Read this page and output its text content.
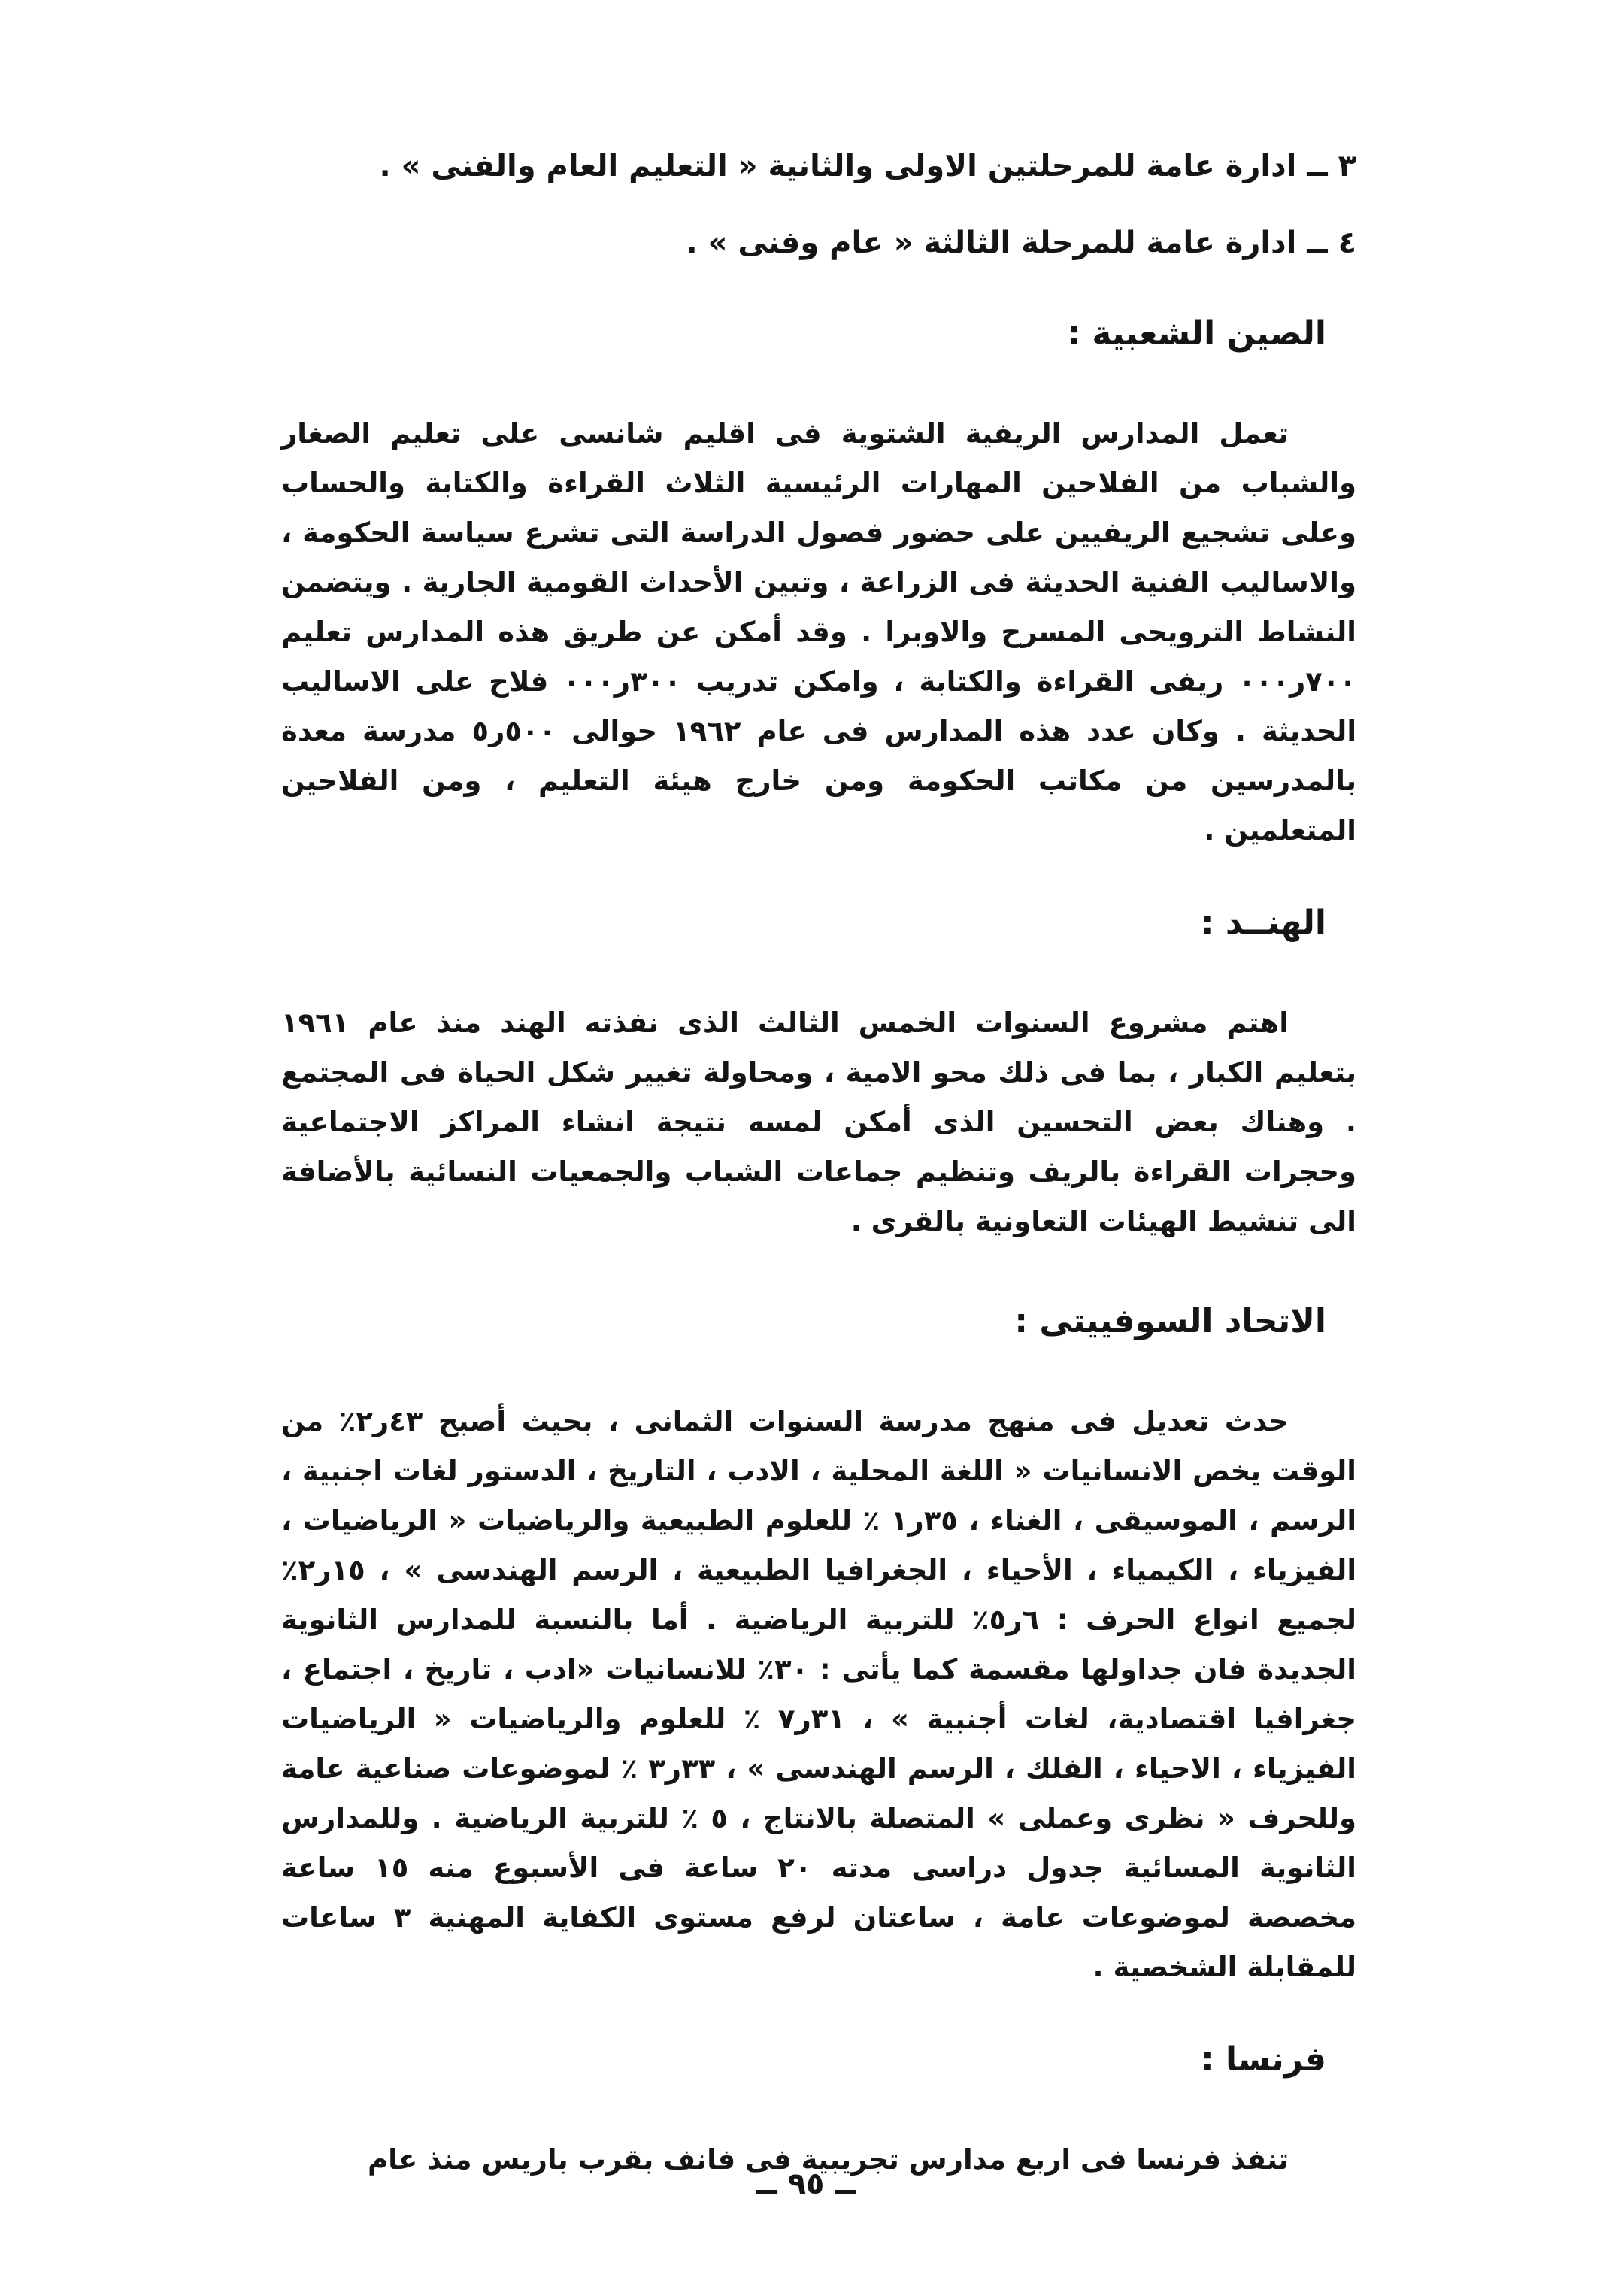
٣ ــ ادارة عامة للمرحلتين الاولى والثانية « التعليم العام والفنى » .

٤ ــ ادارة عامة للمرحلة الثالثة « عام وفنى » .

الصين الشعبية :

تعمل المدارس الريفية الشتوية فى اقليم شانسى على تعليم الصغار والشباب من الفلاحين المهارات الرئيسية الثلاث القراءة والكتابة والحساب وعلى تشجيع الريفيين على حضور فصول الدراسة التى تشرع سياسة الحكومة ، والاساليب الفنية الحديثة فى الزراعة ، وتبين الأحداث القومية الجارية . ويتضمن النشاط الترويحى المسرح والاوبرا . وقد أمكن عن طريق هذه المدارس تعليم ٧٠٠ر٠٠٠ ريفى القراءة والكتابة ، وامكن تدريب ٣٠٠ر٠٠٠ فلاح على الاساليب الحديثة . وكان عدد هذه المدارس فى عام ١٩٦٢ حوالى ٥٠٠ر٥ مدرسة معدة بالمدرسين من مكاتب الحكومة ومن خارج هيئة التعليم ، ومن الفلاحين المتعلمين .

الهنــد :

اهتم مشروع السنوات الخمس الثالث الذى نفذته الهند منذ عام ١٩٦١ بتعليم الكبار ، بما فى ذلك محو الامية ، ومحاولة تغيير شكل الحياة فى المجتمع . وهناك بعض التحسين الذى أمكن لمسه نتيجة انشاء المراكز الاجتماعية وحجرات القراءة بالريف وتنظيم جماعات الشباب والجمعيات النسائية بالأضافة الى تنشيط الهيئات التعاونية بالقرى .

الاتحاد السوفييتى :

حدث تعديل فى منهج مدرسة السنوات الثمانى ، بحيث أصبح ٤٣ر٢٪ من الوقت يخص الانسانيات « اللغة المحلية ، الادب ، التاريخ ، الدستور لغات اجنبية ، الرسم ، الموسيقى ، الغناء ، ٣٥ر١ ٪ للعلوم الطبيعية والرياضيات « الرياضيات ، الفيزياء ، الكيمياء ، الأحياء ، الجغرافيا الطبيعية ، الرسم الهندسى » ، ١٥ر٢٪ لجميع انواع الحرف : ٦ر٥٪ للتربية الرياضية . أما بالنسبة للمدارس الثانوية الجديدة فان جداولها مقسمة كما يأتى : ٣٠٪ للانسانيات «ادب ، تاريخ ، اجتماع ، جغرافيا اقتصادية، لغات أجنبية » ، ٣١ر٧ ٪ للعلوم والرياضيات « الرياضيات الفيزياء ، الاحياء ، الفلك ، الرسم الهندسى » ، ٣٣ر٣ ٪ لموضوعات صناعية عامة وللحرف « نظرى وعملى » المتصلة بالانتاج ، ٥ ٪ للتربية الرياضية . وللمدارس الثانوية المسائية جدول دراسى مدته ٢٠ ساعة فى الأسبوع منه ١٥ ساعة مخصصة لموضوعات عامة ، ساعتان لرفع مستوى الكفاية المهنية ٣ ساعات للمقابلة الشخصية .

فرنسا :

تنفذ فرنسا فى اربع مدارس تجريبية فى فانف بقرب باريس منذ عام

ــ ٩٥ ــ
